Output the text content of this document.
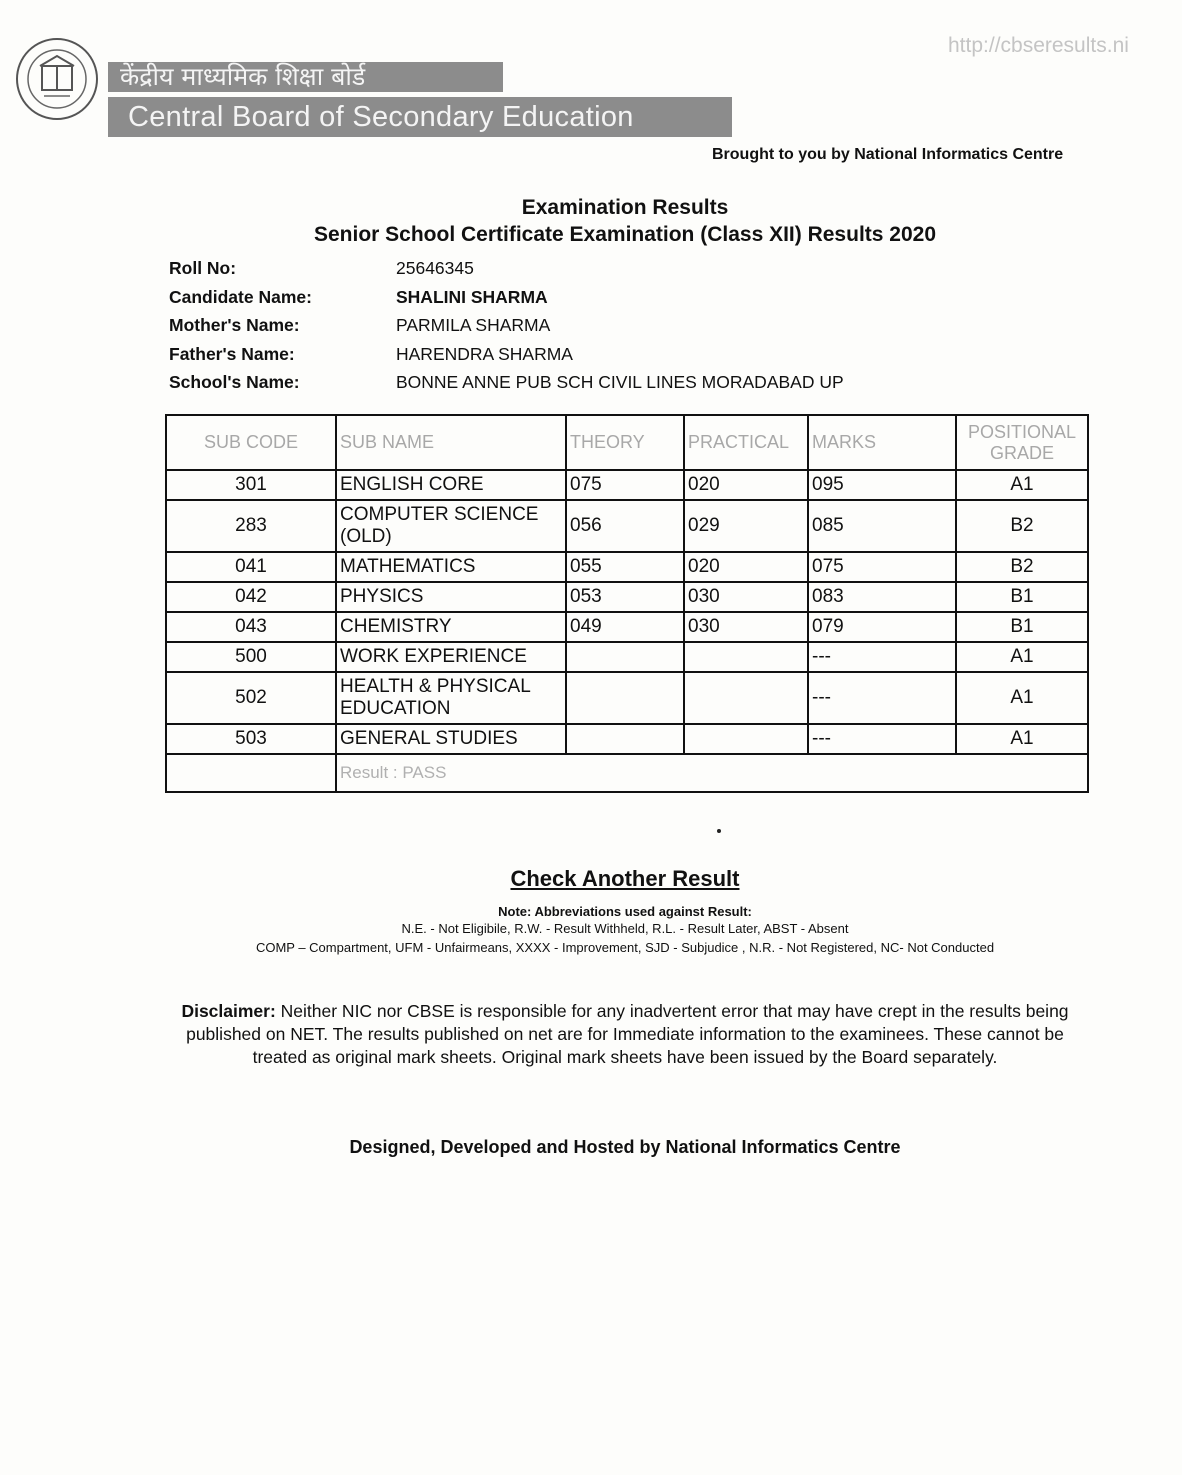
केंद्रीय माध्यमिक शिक्षा बोर्ड
Central Board of Secondary Education
http://cbseresults.ni
Brought to you by National Informatics Centre
Examination Results
Senior School Certificate Examination (Class XII) Results 2020
Roll No:	25646345
Candidate Name:	SHALINI SHARMA
Mother's Name:	PARMILA SHARMA
Father's Name:	HARENDRA SHARMA
School's Name:	BONNE ANNE PUB SCH CIVIL LINES MORADABAD UP
SUB CODE	SUB NAME	THEORY	PRACTICAL	MARKS	POSITIONAL GRADE
301	ENGLISH CORE	075	020	095	A1
283	COMPUTER SCIENCE (OLD)	056	029	085	B2
041	MATHEMATICS	055	020	075	B2
042	PHYSICS	053	030	083	B1
043	CHEMISTRY	049	030	079	B1
500	WORK EXPERIENCE			---	A1
502	HEALTH & PHYSICAL EDUCATION			---	A1
503	GENERAL STUDIES			---	A1
	Result : PASS				
Check Another Result
Note: Abbreviations used against Result:
N.E. - Not Eligibile, R.W. - Result Withheld, R.L. - Result Later, ABST - Absent
COMP – Compartment, UFM - Unfairmeans, XXXX - Improvement, SJD - Subjudice , N.R. - Not Registered, NC- Not Conducted
Disclaimer: Neither NIC nor CBSE is responsible for any inadvertent error that may have crept in the results being published on NET. The results published on net are for Immediate information to the examinees. These cannot be treated as original mark sheets. Original mark sheets have been issued by the Board separately.
Designed, Developed and Hosted by National Informatics Centre
